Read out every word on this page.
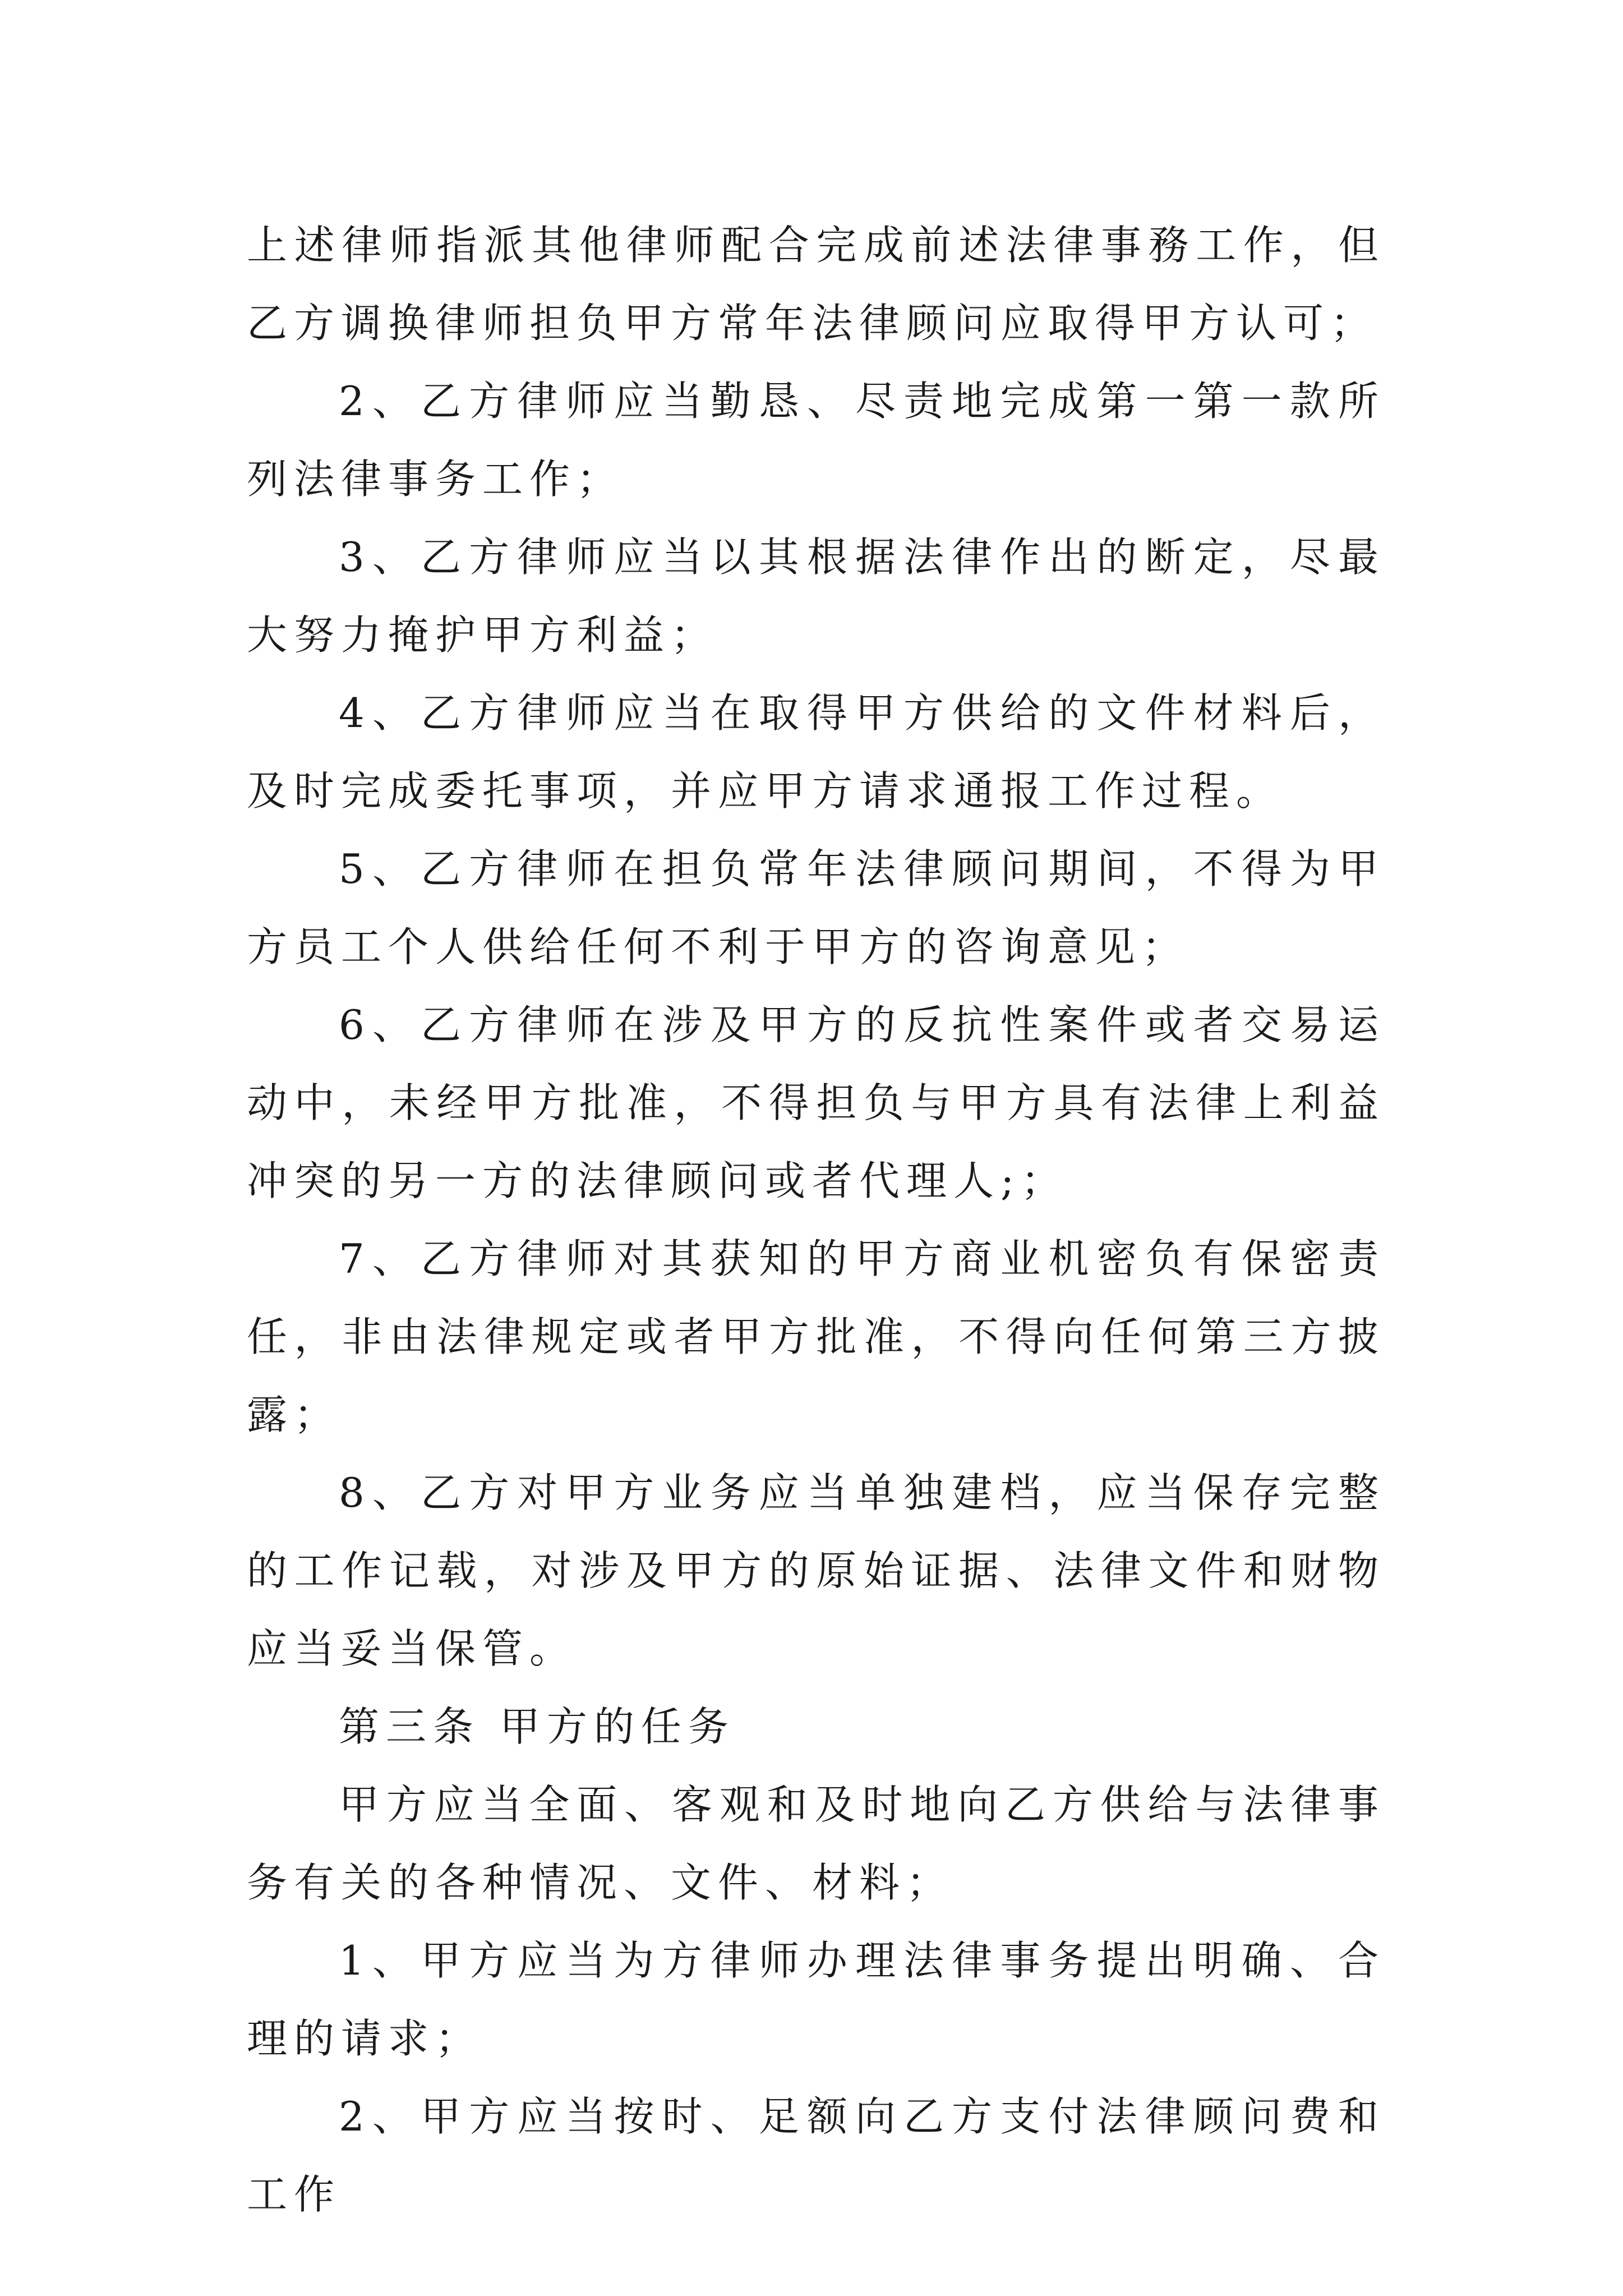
上述律师指派其他律师配合完成前述法律事務工作，但乙方调换律师担负甲方常年法律顾问应取得甲方认可；

2、乙方律师应当勤恳、尽责地完成第一第一款所列法律事务工作；

3、乙方律师应当以其根据法律作出的断定，尽最大努力掩护甲方利益；

4、乙方律师应当在取得甲方供给的文件材料后，及时完成委托事项，并应甲方请求通报工作过程。

5、乙方律师在担负常年法律顾问期间，不得为甲方员工个人供给任何不利于甲方的咨询意见；

6、乙方律师在涉及甲方的反抗性案件或者交易运动中，未经甲方批准，不得担负与甲方具有法律上利益冲突的另一方的法律顾问或者代理人;；

7、乙方律师对其获知的甲方商业机密负有保密责任，非由法律规定或者甲方批准，不得向任何第三方披露；

8、乙方对甲方业务应当单独建档，应当保存完整的工作记载，对涉及甲方的原始证据、法律文件和财物应当妥当保管。

第三条 甲方的任务

甲方应当全面、客观和及时地向乙方供给与法律事务有关的各种情况、文件、材料；

1、甲方应当为方律师办理法律事务提出明确、合理的请求；

2、甲方应当按时、足额向乙方支付法律顾问费和工作
